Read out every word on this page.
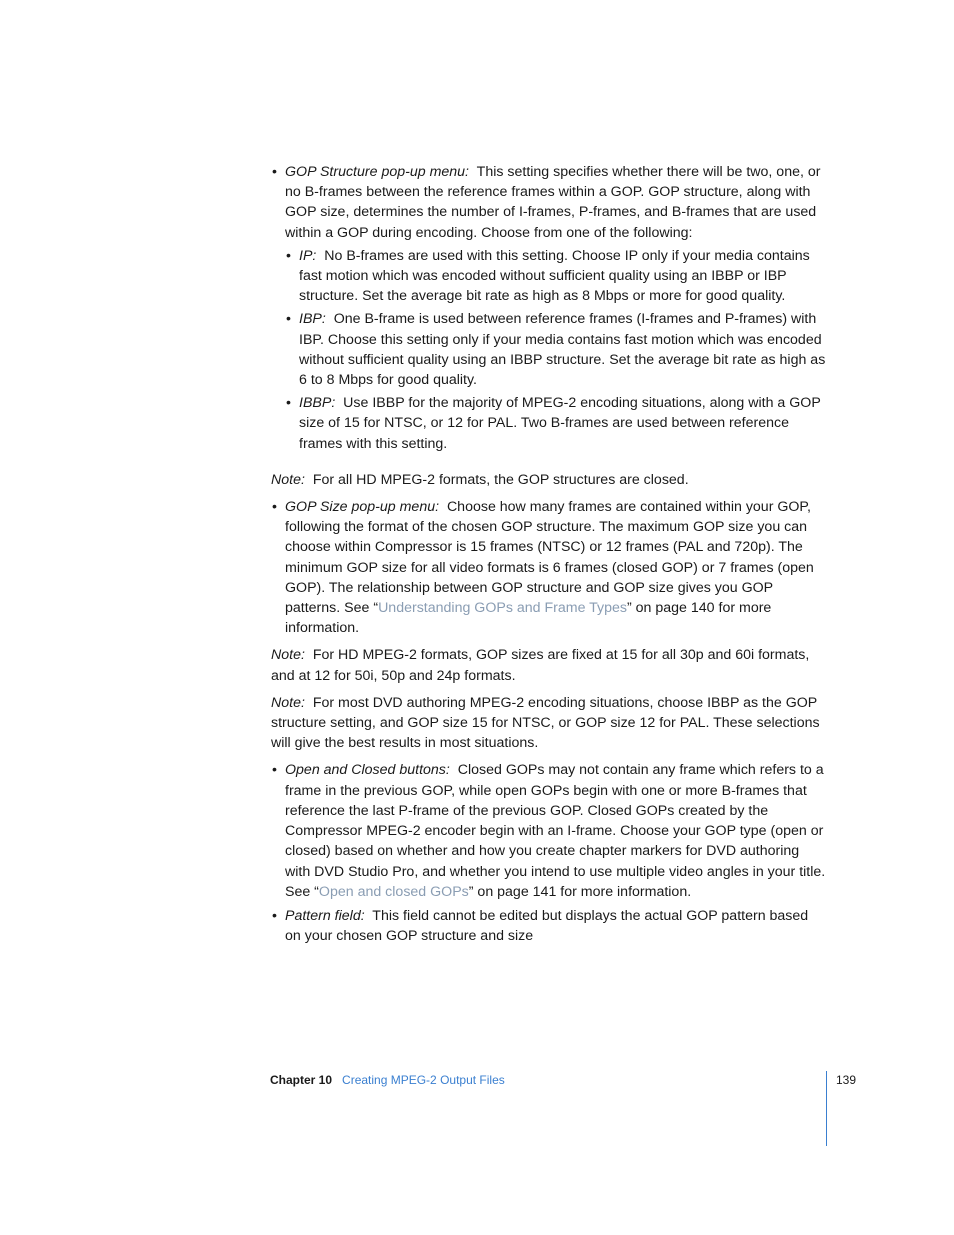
• GOP Structure pop-up menu: This setting specifies whether there will be two, one, or no B-frames between the reference frames within a GOP. GOP structure, along with GOP size, determines the number of I-frames, P-frames, and B-frames that are used within a GOP during encoding. Choose from one of the following:
• IP: No B-frames are used with this setting. Choose IP only if your media contains fast motion which was encoded without sufficient quality using an IBBP or IBP structure. Set the average bit rate as high as 8 Mbps or more for good quality.
• IBP: One B-frame is used between reference frames (I-frames and P-frames) with IBP. Choose this setting only if your media contains fast motion which was encoded without sufficient quality using an IBBP structure. Set the average bit rate as high as 6 to 8 Mbps for good quality.
• IBBP: Use IBBP for the majority of MPEG-2 encoding situations, along with a GOP size of 15 for NTSC, or 12 for PAL. Two B-frames are used between reference frames with this setting.

Note: For all HD MPEG-2 formats, the GOP structures are closed.

• GOP Size pop-up menu: Choose how many frames are contained within your GOP, following the format of the chosen GOP structure. The maximum GOP size you can choose within Compressor is 15 frames (NTSC) or 12 frames (PAL and 720p). The minimum GOP size for all video formats is 6 frames (closed GOP) or 7 frames (open GOP). The relationship between GOP structure and GOP size gives you GOP patterns. See “Understanding GOPs and Frame Types” on page 140 for more information.

Note: For HD MPEG-2 formats, GOP sizes are fixed at 15 for all 30p and 60i formats, and at 12 for 50i, 50p and 24p formats.

Note: For most DVD authoring MPEG-2 encoding situations, choose IBBP as the GOP structure setting, and GOP size 15 for NTSC, or GOP size 12 for PAL. These selections will give the best results in most situations.

• Open and Closed buttons: Closed GOPs may not contain any frame which refers to a frame in the previous GOP, while open GOPs begin with one or more B-frames that reference the last P-frame of the previous GOP. Closed GOPs created by the Compressor MPEG-2 encoder begin with an I-frame. Choose your GOP type (open or closed) based on whether and how you create chapter markers for DVD authoring with DVD Studio Pro, and whether you intend to use multiple video angles in your title. See “Open and closed GOPs” on page 141 for more information.
• Pattern field: This field cannot be edited but displays the actual GOP pattern based on your chosen GOP structure and size
Chapter 10 Creating MPEG-2 Output Files	139
